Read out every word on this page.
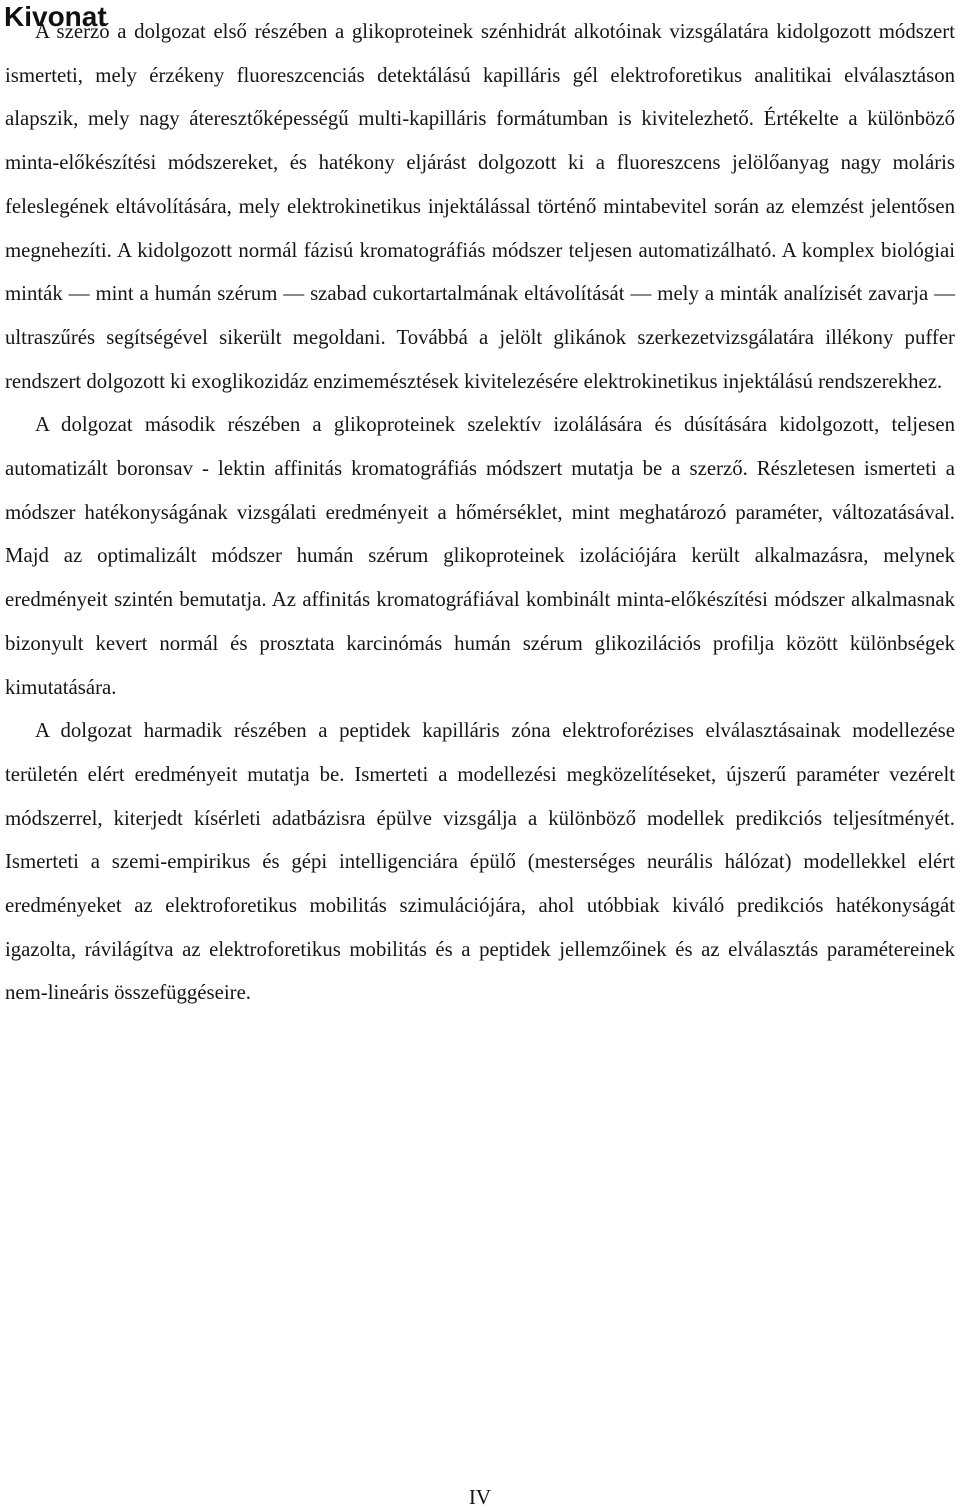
Kivonat

A szerző a dolgozat első részében a glikoproteinek szénhidrát alkotóinak vizsgálatára kidolgozott módszert ismerteti, mely érzékeny fluoreszcenciás detektálású kapilláris gél elektroforetikus analitikai elválasztáson alapszik, mely nagy áteresztőképességű multi-kapilláris formátumban is kivitelezhető. Értékelte a különböző minta-előkészítési módszereket, és hatékony eljárást dolgozott ki a fluoreszcens jelölőanyag nagy moláris feleslegének eltávolítására, mely elektrokinetikus injektálással történő mintabevitel során az elemzést jelentősen megnehezíti. A kidolgozott normál fázisú kromatográfiás módszer teljesen automatizálható. A komplex biológiai minták — mint a humán szérum — szabad cukortartalmának eltávolítását — mely a minták analízisét zavarja — ultraszűrés segítségével sikerült megoldani. Továbbá a jelölt glikánok szerkezetvizsgálatára illékony puffer rendszert dolgozott ki exoglikozidáz enzimemésztések kivitelezésére elektrokinetikus injektálású rendszerekhez.

A dolgozat második részében a glikoproteinek szelektív izolálására és dúsítására kidolgozott, teljesen automatizált boronsav - lektin affinitás kromatográfiás módszert mutatja be a szerző. Részletesen ismerteti a módszer hatékonyságának vizsgálati eredményeit a hőmérséklet, mint meghatározó paraméter, változatásával. Majd az optimalizált módszer humán szérum glikoproteinek izolációjára került alkalmazásra, melynek eredményeit szintén bemutatja. Az affinitás kromatográfiával kombinált minta-előkészítési módszer alkalmasnak bizonyult kevert normál és prosztata karcinómás humán szérum glikozilációs profilja között különbségek kimutatására.

A dolgozat harmadik részében a peptidek kapilláris zóna elektroforézises elválasztásainak modellezése területén elért eredményeit mutatja be. Ismerteti a modellezési megközelítéseket, újszerű paraméter vezérelt módszerrel, kiterjedt kísérleti adatbázisra épülve vizsgálja a különböző modellek predikciós teljesítményét. Ismerteti a szemi-empirikus és gépi intelligenciára épülő (mesterséges neurális hálózat) modellekkel elért eredményeket az elektroforetikus mobilitás szimulációjára, ahol utóbbiak kiváló predikciós hatékonyságát igazolta, rávilágítva az elektroforetikus mobilitás és a peptidek jellemzőinek és az elválasztás paramétereinek nem-lineáris összefüggéseire.

IV
